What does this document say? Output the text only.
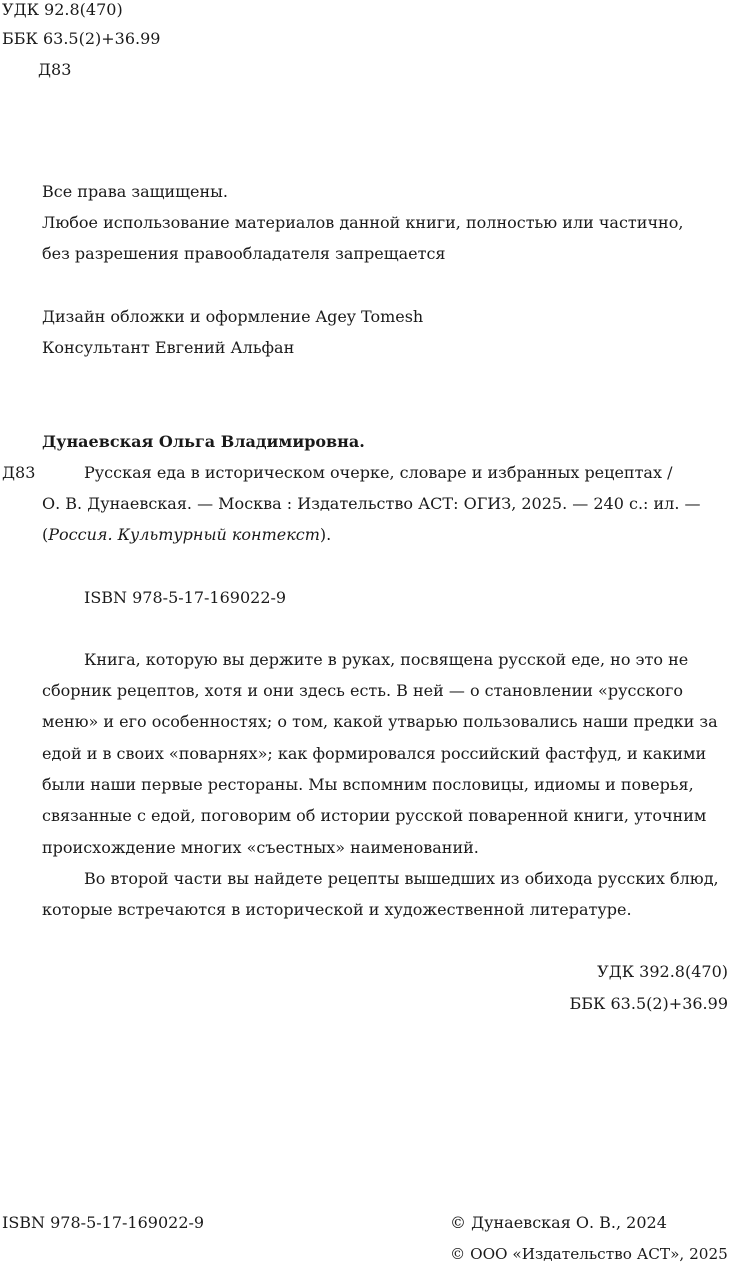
УДК 92.8(470)
ББК 63.5(2)+36.99
Д83
Все права защищены.
Любое использование материалов данной книги, полностью или частично,
без разрешения правообладателя запрещается
Дизайн обложки и оформление Agey Tomesh
Консультант Евгений Альфан
Дунаевская Ольга Владимировна.
Д83	Русская еда в историческом очерке, словаре и избранных рецептах /
О. В. Дунаевская. — Москва : Издательство АСТ: ОГИЗ, 2025. — 240 с.: ил. —
(Россия. Культурный контекст).
ISBN 978-5-17-169022-9
Книга, которую вы держите в руках, посвящена русской еде, но это не
сборник рецептов, хотя и они здесь есть. В ней — о становлении «русского
меню» и его особенностях; о том, какой утварью пользовались наши предки за
едой и в своих «поварнях»; как формировался российский фастфуд, и какими
были наши первые рестораны. Мы вспомним пословицы, идиомы и поверья,
связанные с едой, поговорим об истории русской поваренной книги, уточним
происхождение многих «съестных» наименований.
Во второй части вы найдете рецепты вышедших из обихода русских блюд,
которые встречаются в исторической и художественной литературе.
УДК 392.8(470)
ББК 63.5(2)+36.99
ISBN 978-5-17-169022-9	© Дунаевская О. В., 2024
© ООО «Издательство АСТ», 2025
